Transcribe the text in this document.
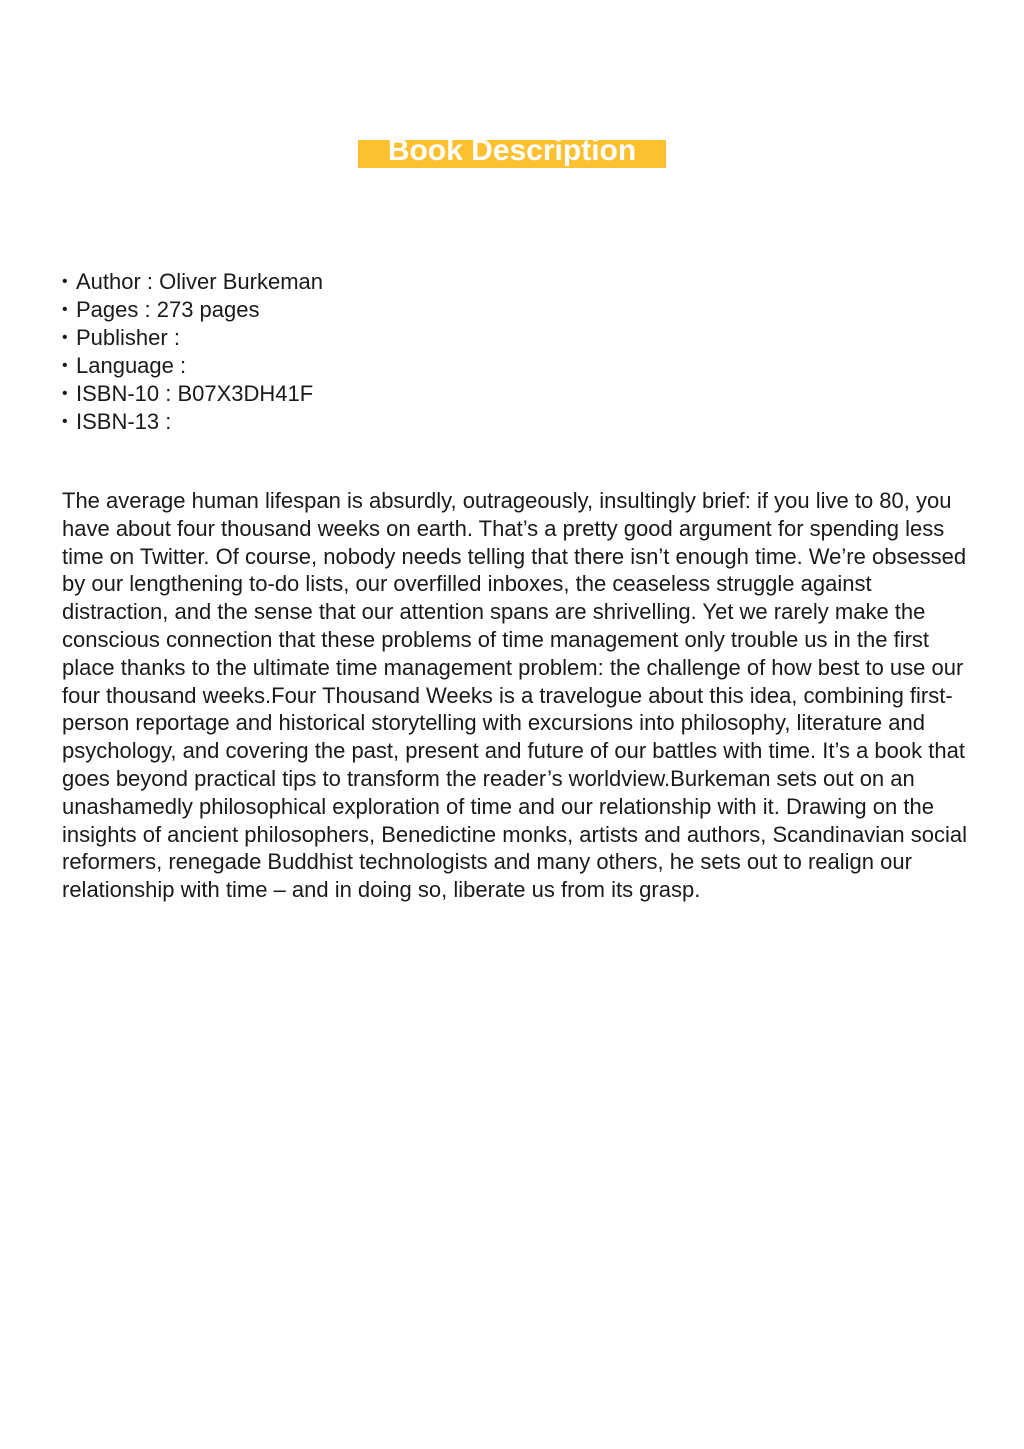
Book Description
• Author : Oliver Burkeman
• Pages : 273 pages
• Publisher :
• Language :
• ISBN-10 : B07X3DH41F
• ISBN-13 :

The average human lifespan is absurdly, outrageously, insultingly brief: if you live to 80, you have about four thousand weeks on earth. That’s a pretty good argument for spending less time on Twitter. Of course, nobody needs telling that there isn’t enough time. We’re obsessed by our lengthening to-do lists, our overfilled inboxes, the ceaseless struggle against distraction, and the sense that our attention spans are shrivelling. Yet we rarely make the conscious connection that these problems of time management only trouble us in the first place thanks to the ultimate time management problem: the challenge of how best to use our four thousand weeks.Four Thousand Weeks is a travelogue about this idea, combining first-person reportage and historical storytelling with excursions into philosophy, literature and psychology, and covering the past, present and future of our battles with time. It’s a book that goes beyond practical tips to transform the reader’s worldview.Burkeman sets out on an unashamedly philosophical exploration of time and our relationship with it. Drawing on the insights of ancient philosophers, Benedictine monks, artists and authors, Scandinavian social reformers, renegade Buddhist technologists and many others, he sets out to realign our relationship with time – and in doing so, liberate us from its grasp.
